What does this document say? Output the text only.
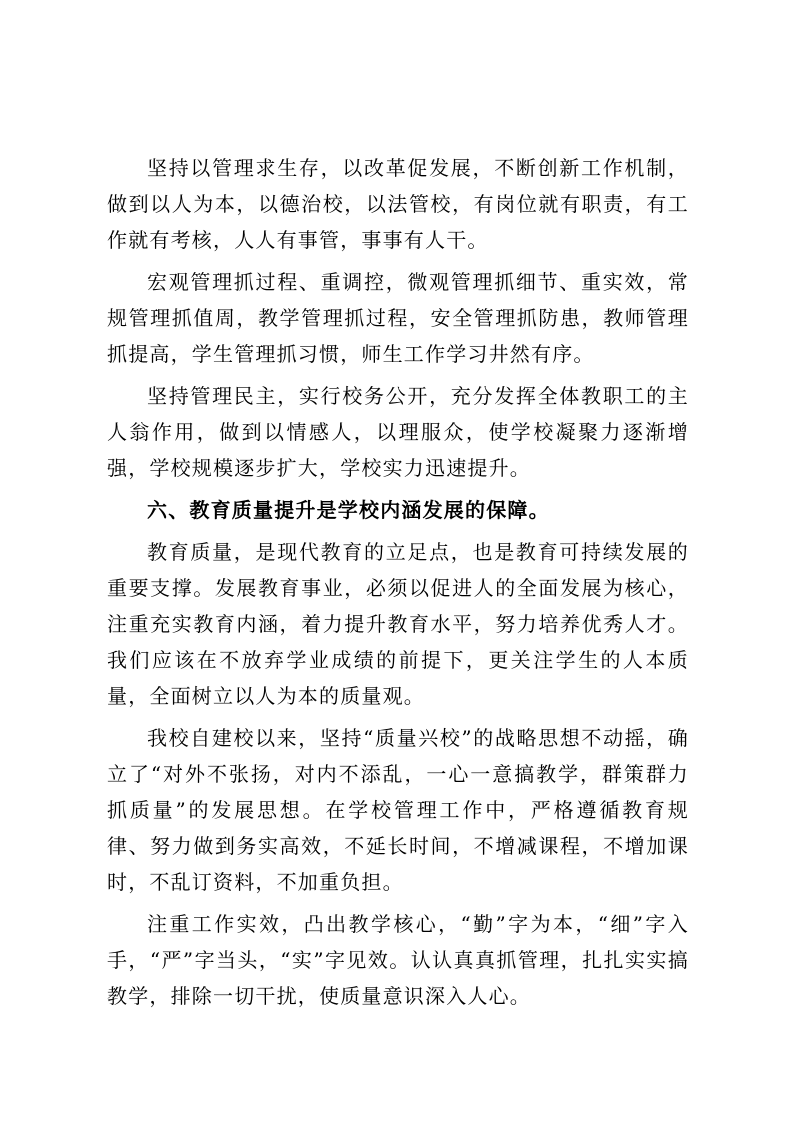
坚持以管理求生存，以改革促发展，不断创新工作机制，做到以人为本，以德治校，以法管校，有岗位就有职责，有工作就有考核，人人有事管，事事有人干。

宏观管理抓过程、重调控，微观管理抓细节、重实效，常规管理抓值周，教学管理抓过程，安全管理抓防患，教师管理抓提高，学生管理抓习惯，师生工作学习井然有序。

坚持管理民主，实行校务公开，充分发挥全体教职工的主人翁作用，做到以情感人，以理服众，使学校凝聚力逐渐增强，学校规模逐步扩大，学校实力迅速提升。

六、教育质量提升是学校内涵发展的保障。

教育质量，是现代教育的立足点，也是教育可持续发展的重要支撑。发展教育事业，必须以促进人的全面发展为核心，注重充实教育内涵，着力提升教育水平，努力培养优秀人才。我们应该在不放弃学业成绩的前提下，更关注学生的人本质量，全面树立以人为本的质量观。

我校自建校以来，坚持“质量兴校”的战略思想不动摇，确立了“对外不张扬，对内不添乱，一心一意搞教学，群策群力抓质量”的发展思想。在学校管理工作中，严格遵循教育规律、努力做到务实高效，不延长时间，不增减课程，不增加课时，不乱订资料，不加重负担。

注重工作实效，凸出教学核心，“勤”字为本，“细”字入手，“严”字当头，“实”字见效。认认真真抓管理，扎扎实实搞教学，排除一切干扰，使质量意识深入人心。
